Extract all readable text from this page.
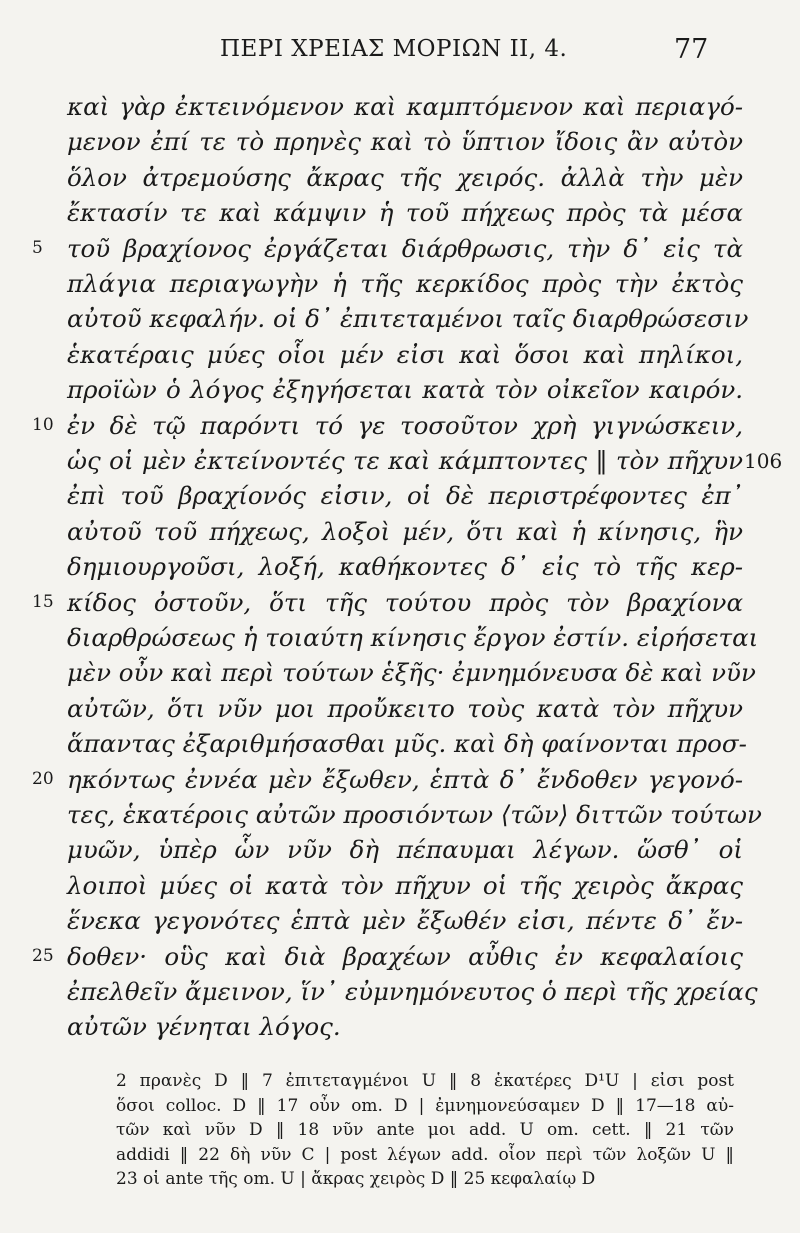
ΠΕΡΙ ΧΡΕΙΑΣ ΜΟΡΙΩΝ II, 4.	77
καὶ γὰρ ἐκτεινόμενον καὶ καμπτόμενον καὶ περιαγό-
μενον ἐπί τε τὸ πρηνὲς καὶ τὸ ὕπτιον ἴδοις ἂν αὐτὸν
ὅλον ἀτρεμούσης ἄκρας τῆς χειρός. ἀλλὰ τὴν μὲν
ἔκτασίν τε καὶ κάμψιν ἡ τοῦ πήχεως πρὸς τὰ μέσα
τοῦ βραχίονος ἐργάζεται διάρθρωσις, τὴν δ᾽ εἰς τὰ
5
πλάγια περιαγωγὴν ἡ τῆς κερκίδος πρὸς τὴν ἐκτὸς
αὐτοῦ κεφαλήν. οἱ δ᾽ ἐπιτεταμένοι ταῖς διαρθρώσεσιν
ἑκατέραις μύες οἷοι μέν εἰσι καὶ ὅσοι καὶ πηλίκοι,
προϊὼν ὁ λόγος ἐξηγήσεται κατὰ τὸν οἰκεῖον καιρόν.
ἐν δὲ τῷ παρόντι τό γε τοσοῦτον χρὴ γιγνώσκειν,
10
ὡς οἱ μὲν ἐκτείνοντές τε καὶ κάμπτοντες ‖ τὸν πῆχυν 106
ἐπὶ τοῦ βραχίονός εἰσιν, οἱ δὲ περιστρέφοντες ἐπ᾽
αὐτοῦ τοῦ πήχεως, λοξοὶ μέν, ὅτι καὶ ἡ κίνησις, ἣν
δημιουργοῦσι, λοξή, καθήκοντες δ᾽ εἰς τὸ τῆς κερ-
κίδος ὀστοῦν, ὅτι τῆς τούτου πρὸς τὸν βραχίονα
15
διαρθρώσεως ἡ τοιαύτη κίνησις ἔργον ἐστίν. εἰρήσεται
μὲν οὖν καὶ περὶ τούτων ἑξῆς· ἐμνημόνευσα δὲ καὶ νῦν
αὐτῶν, ὅτι νῦν μοι προὔκειτο τοὺς κατὰ τὸν πῆχυν
ἅπαντας ἐξαριθμήσασθαι μῦς. καὶ δὴ φαίνονται προσ-
ηκόντως ἐννέα μὲν ἔξωθεν, ἑπτὰ δ᾽ ἔνδοθεν γεγονό-
20
τες, ἑκατέροις αὐτῶν προσιόντων ⟨τῶν⟩ διττῶν τούτων
μυῶν, ὑπὲρ ὧν νῦν δὴ πέπαυμαι λέγων. ὥσθ᾽ οἱ
λοιποὶ μύες οἱ κατὰ τὸν πῆχυν οἱ τῆς χειρὸς ἄκρας
ἕνεκα γεγονότες ἑπτὰ μὲν ἔξωθέν εἰσι, πέντε δ᾽ ἔν-
δοθεν· οὓς καὶ διὰ βραχέων αὖθις ἐν κεφαλαίοις
25
ἐπελθεῖν ἄμεινον, ἵν᾽ εὐμνημόνευτος ὁ περὶ τῆς χρείας
αὐτῶν γένηται λόγος.
2 πρανὲς D ‖ 7 ἐπιτεταγμένοι U ‖ 8 ἑκατέρες D¹U | εἰσι post
ὅσοι colloc. D ‖ 17 οὖν om. D | ἐμνημονεύσαμεν D ‖ 17—18 αὐ-
τῶν καὶ νῦν D ‖ 18 νῦν ante μοι add. U om. cett. ‖ 21 τῶν
addidi ‖ 22 δὴ νῦν C | post λέγων add. οἷον περὶ τῶν λοξῶν U ‖
23 οἱ ante τῆς om. U | ἄκρας χειρὸς D ‖ 25 κεφαλαίῳ D
